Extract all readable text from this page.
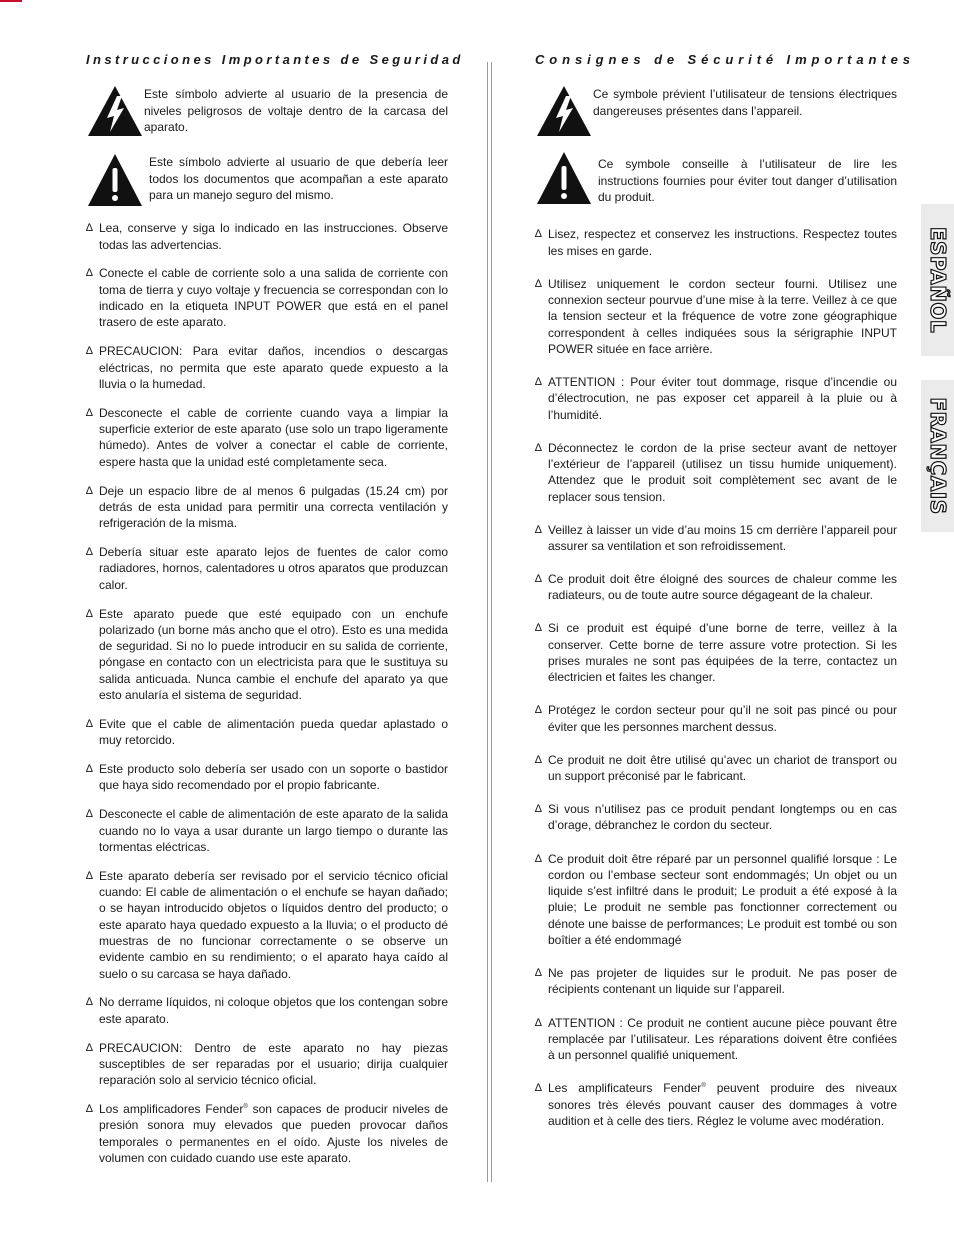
Instrucciones Importantes de Seguridad

Este símbolo advierte al usuario de la presencia de niveles peligrosos de voltaje dentro de la carcasa del aparato.

Este símbolo advierte al usuario de que debería leer todos los documentos que acompañan a este aparato para un manejo seguro del mismo.

∆ Lea, conserve y siga lo indicado en las instrucciones. Observe todas las advertencias.

∆ Conecte el cable de corriente solo a una salida de corriente con toma de tierra y cuyo voltaje y frecuencia se correspondan con lo indicado en la etiqueta INPUT POWER que está en el panel trasero de este aparato.

∆ PRECAUCION: Para evitar daños, incendios o descargas eléctricas, no permita que este aparato quede expuesto a la lluvia o la humedad.

∆ Desconecte el cable de corriente cuando vaya a limpiar la superficie exterior de este aparato (use solo un trapo ligeramente húmedo). Antes de volver a conectar el cable de corriente, espere hasta que la unidad esté completamente seca.

∆ Deje un espacio libre de al menos 6 pulgadas (15.24 cm) por detrás de esta unidad para permitir una correcta ventilación y refrigeración de la misma.

∆ Debería situar este aparato lejos de fuentes de calor como radiadores, hornos, calentadores u otros aparatos que produzcan calor.

∆ Este aparato puede que esté equipado con un enchufe polarizado (un borne más ancho que el otro). Esto es una medida de seguridad. Si no lo puede introducir en su salida de corriente, póngase en contacto con un electricista para que le sustituya su salida anticuada. Nunca cambie el enchufe del aparato ya que esto anularía el sistema de seguridad.

∆ Evite que el cable de alimentación pueda quedar aplastado o muy retorcido.

∆ Este producto solo debería ser usado con un soporte o bastidor que haya sido recomendado por el propio fabricante.

∆ Desconecte el cable de alimentación de este aparato de la salida cuando no lo vaya a usar durante un largo tiempo o durante las tormentas eléctricas.

∆ Este aparato debería ser revisado por el servicio técnico oficial cuando: El cable de alimentación o el enchufe se hayan dañado; o se hayan introducido objetos o líquidos dentro del producto; o este aparato haya quedado expuesto a la lluvia; o el producto dé muestras de no funcionar correctamente o se observe un evidente cambio en su rendimiento; o el aparato haya caído al suelo o su carcasa se haya dañado.

∆ No derrame líquidos, ni coloque objetos que los contengan sobre este aparato.

∆ PRECAUCION: Dentro de este aparato no hay piezas susceptibles de ser reparadas por el usuario; dirija cualquier reparación solo al servicio técnico oficial.

∆ Los amplificadores Fender® son capaces de producir niveles de presión sonora muy elevados que pueden provocar daños temporales o permanentes en el oído. Ajuste los niveles de volumen con cuidado cuando use este aparato.

Consignes de Sécurité Importantes

Ce symbole prévient l’utilisateur de tensions électriques dangereuses présentes dans l’appareil.

Ce symbole conseille à l’utilisateur de lire les instructions fournies pour éviter tout danger d’utilisation du produit.

∆ Lisez, respectez et conservez les instructions. Respectez toutes les mises en garde.

∆ Utilisez uniquement le cordon secteur fourni. Utilisez une connexion secteur pourvue d’une mise à la terre. Veillez à ce que la tension secteur et la fréquence de votre zone géographique correspondent à celles indiquées sous la sérigraphie INPUT POWER située en face arrière.

∆ ATTENTION : Pour éviter tout dommage, risque d’incendie ou d’électrocution, ne pas exposer cet appareil à la pluie ou à l’humidité.

∆ Déconnectez le cordon de la prise secteur avant de nettoyer l’extérieur de l’appareil (utilisez un tissu humide uniquement). Attendez que le produit soit complètement sec avant de le replacer sous tension.

∆ Veillez à laisser un vide d’au moins 15 cm derrière l’appareil pour assurer sa ventilation et son refroidissement.

∆ Ce produit doit être éloigné des sources de chaleur comme les radiateurs, ou de toute autre source dégageant de la chaleur.

∆ Si ce produit est équipé d’une borne de terre, veillez à la conserver. Cette borne de terre assure votre protection. Si les prises murales ne sont pas équipées de la terre, contactez un électricien et faites les changer.

∆ Protégez le cordon secteur pour qu’il ne soit pas pincé ou pour éviter que les personnes marchent dessus.

∆ Ce produit ne doit être utilisé qu’avec un chariot de transport ou un support préconisé par le fabricant.

∆ Si vous n’utilisez pas ce produit pendant longtemps ou en cas d’orage, débranchez le cordon du secteur.

∆ Ce produit doit être réparé par un personnel qualifié lorsque : Le cordon ou l’embase secteur sont endommagés; Un objet ou un liquide s’est infiltré dans le produit; Le produit a été exposé à la pluie; Le produit ne semble pas fonctionner correctement ou dénote une baisse de performances; Le produit est tombé ou son boîtier a été endommagé

∆ Ne pas projeter de liquides sur le produit. Ne pas poser de récipients contenant un liquide sur l’appareil.

∆ ATTENTION : Ce produit ne contient aucune pièce pouvant être remplacée par l’utilisateur. Les réparations doivent être confiées à un personnel qualifié uniquement.

∆ Les amplificateurs Fender® peuvent produire des niveaux sonores très élevés pouvant causer des dommages à votre audition et à celle des tiers. Réglez le volume avec modération.

ESPAÑOL
FRANÇAIS
